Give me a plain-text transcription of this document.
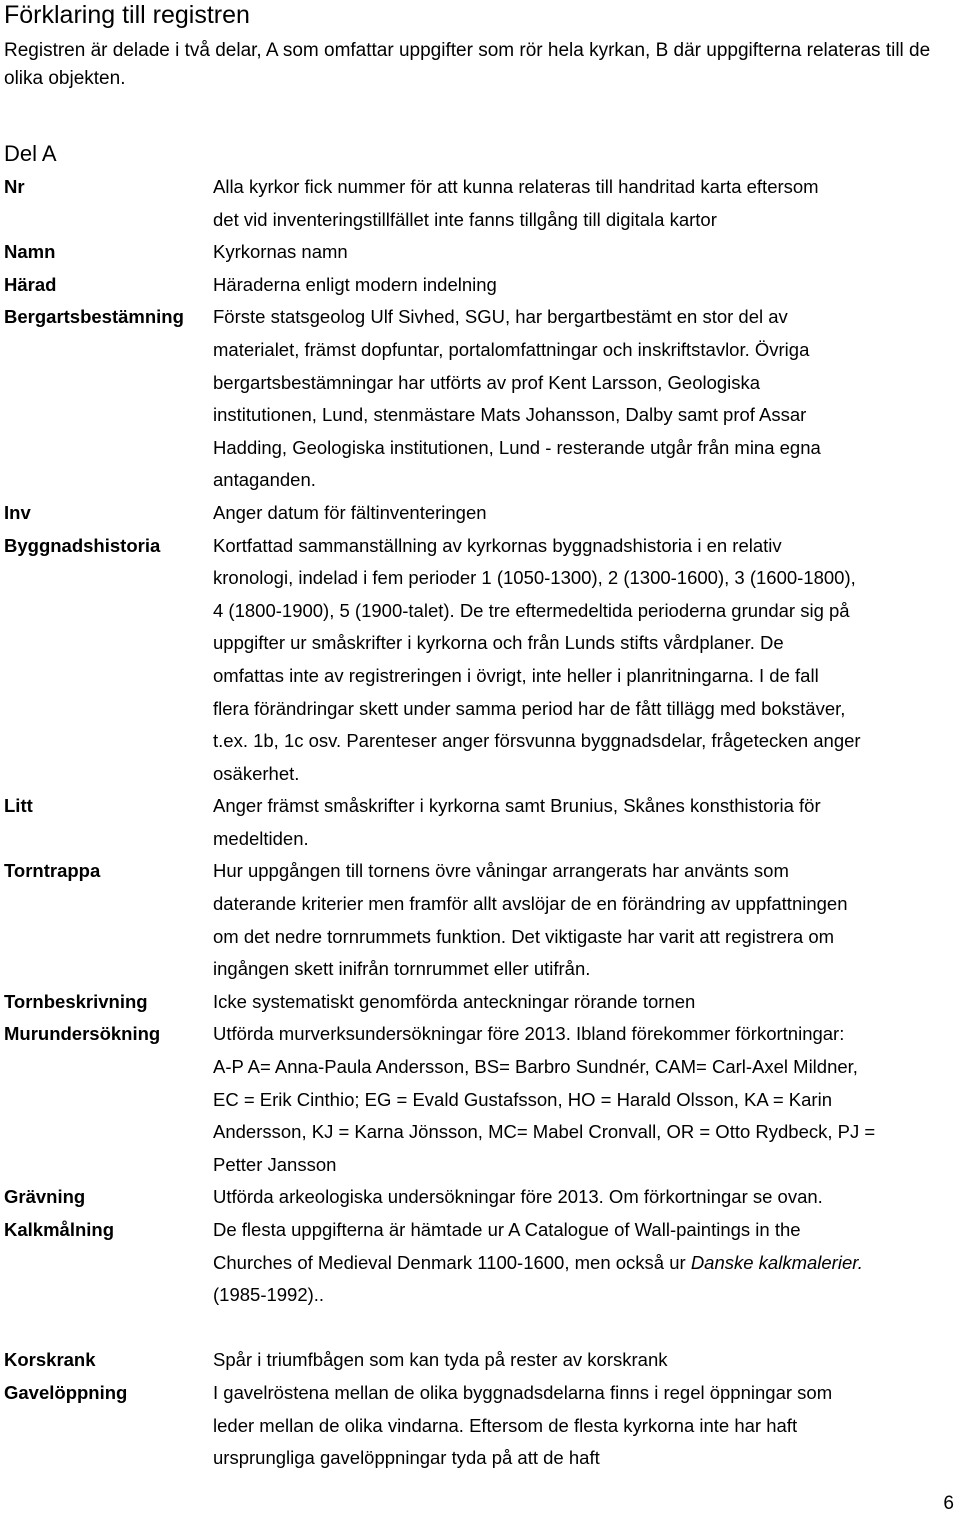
Förklaring till registren

Registren är delade i två delar, A som omfattar uppgifter som rör hela kyrkan, B där uppgifterna relateras till de olika objekten.

Del A
Nr	Alla kyrkor fick nummer för att kunna relateras till handritad karta eftersom
det vid inventeringstillfället inte fanns tillgång till digitala kartor
Namn	Kyrkornas namn
Härad	Häraderna enligt modern indelning
Bergartsbestämning	Förste statsgeolog Ulf Sivhed, SGU, har bergartbestämt en stor del av
materialet, främst dopfuntar, portalomfattningar och inskriftstavlor. Övriga
bergartsbestämningar har utförts av prof Kent Larsson, Geologiska
institutionen, Lund, stenmästare Mats Johansson, Dalby samt prof Assar
Hadding, Geologiska institutionen, Lund - resterande utgår från mina egna
antaganden.
Inv	Anger datum för fältinventeringen
Byggnadshistoria	Kortfattad sammanställning av kyrkornas byggnadshistoria i en relativ
kronologi, indelad i fem perioder 1 (1050-1300), 2 (1300-1600), 3 (1600-1800),
4 (1800-1900), 5 (1900-talet). De tre eftermedeltida perioderna grundar sig på
uppgifter ur småskrifter i kyrkorna och från Lunds stifts vårdplaner. De
omfattas inte av registreringen i övrigt, inte heller i planritningarna. I de fall
flera förändringar skett under samma period har de fått tillägg med bokstäver,
t.ex. 1b, 1c osv. Parenteser anger försvunna byggnadsdelar, frågetecken anger
osäkerhet.
Litt	Anger främst småskrifter i kyrkorna samt Brunius, Skånes konsthistoria för
medeltiden.
Torntrappa	Hur uppgången till tornens övre våningar arrangerats har använts som
daterande kriterier men framför allt avslöjar de en förändring av uppfattningen
om det nedre tornrummets funktion. Det viktigaste har varit att registrera om
ingången skett inifrån tornrummet eller utifrån.
Tornbeskrivning	Icke systematiskt genomförda anteckningar rörande tornen
Murundersökning	Utförda murverksundersökningar före 2013. Ibland förekommer förkortningar:
A-P A= Anna-Paula Andersson, BS= Barbro Sundnér, CAM= Carl-Axel Mildner,
EC = Erik Cinthio; EG = Evald Gustafsson, HO = Harald Olsson, KA = Karin
Andersson, KJ = Karna Jönsson, MC= Mabel Cronvall, OR = Otto Rydbeck, PJ =
Petter Jansson
Grävning	Utförda arkeologiska undersökningar före 2013. Om förkortningar se ovan.
Kalkmålning	De flesta uppgifterna är hämtade ur A Catalogue of Wall-paintings in the
Churches of Medieval Denmark 1100-1600, men också ur Danske kalkmalerier.
(1985-1992)..
Korskrank	Spår i triumfbågen som kan tyda på rester av korskrank
Gavelöppning	I gavelröstena mellan de olika byggnadsdelarna finns i regel öppningar som
leder mellan de olika vindarna. Eftersom de flesta kyrkorna inte har haft
ursprungliga gavelöppningar tyda på att de haft
6
